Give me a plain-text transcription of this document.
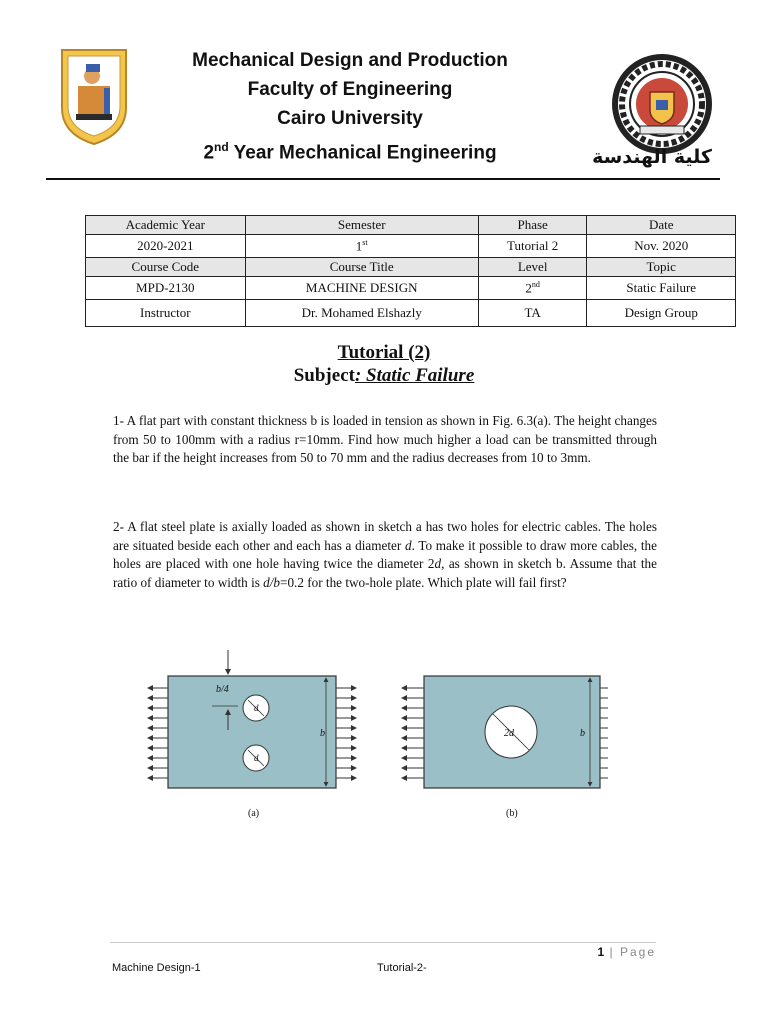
Mechanical Design and Production
Faculty of Engineering
Cairo University
2nd Year Mechanical Engineering	كلية الهندسة
Academic Year	Semester	Phase	Date
2020-2021	1st	Tutorial 2	Nov. 2020
Course Code	Course Title	Level	Topic
MPD-2130	MACHINE DESIGN	2nd	Static Failure
Instructor	Dr. Mohamed Elshazly	TA	Design Group
Tutorial (2)
Subject: Static Failure
1- A flat part with constant thickness b is loaded in tension as shown in Fig. 6.3(a). The height changes from 50 to 100mm with a radius r=10mm. Find how much higher a load can be transmitted through the bar if the height increases from 50 to 70 mm and the radius decreases from 10 to 3mm.
2- A flat steel plate is axially loaded as shown in sketch a has two holes for electric cables. The holes are situated beside each other and each has a diameter d. To make it possible to draw more cables, the holes are placed with one hole having twice the diameter 2d, as shown in sketch b. Assume that the ratio of diameter to width is d/b=0.2 for the two-hole plate. Which plate will fail first?
b/4
d
d
b
(a)
2d	b
(b)
1 | Page
Machine Design-1	Tutorial-2-
